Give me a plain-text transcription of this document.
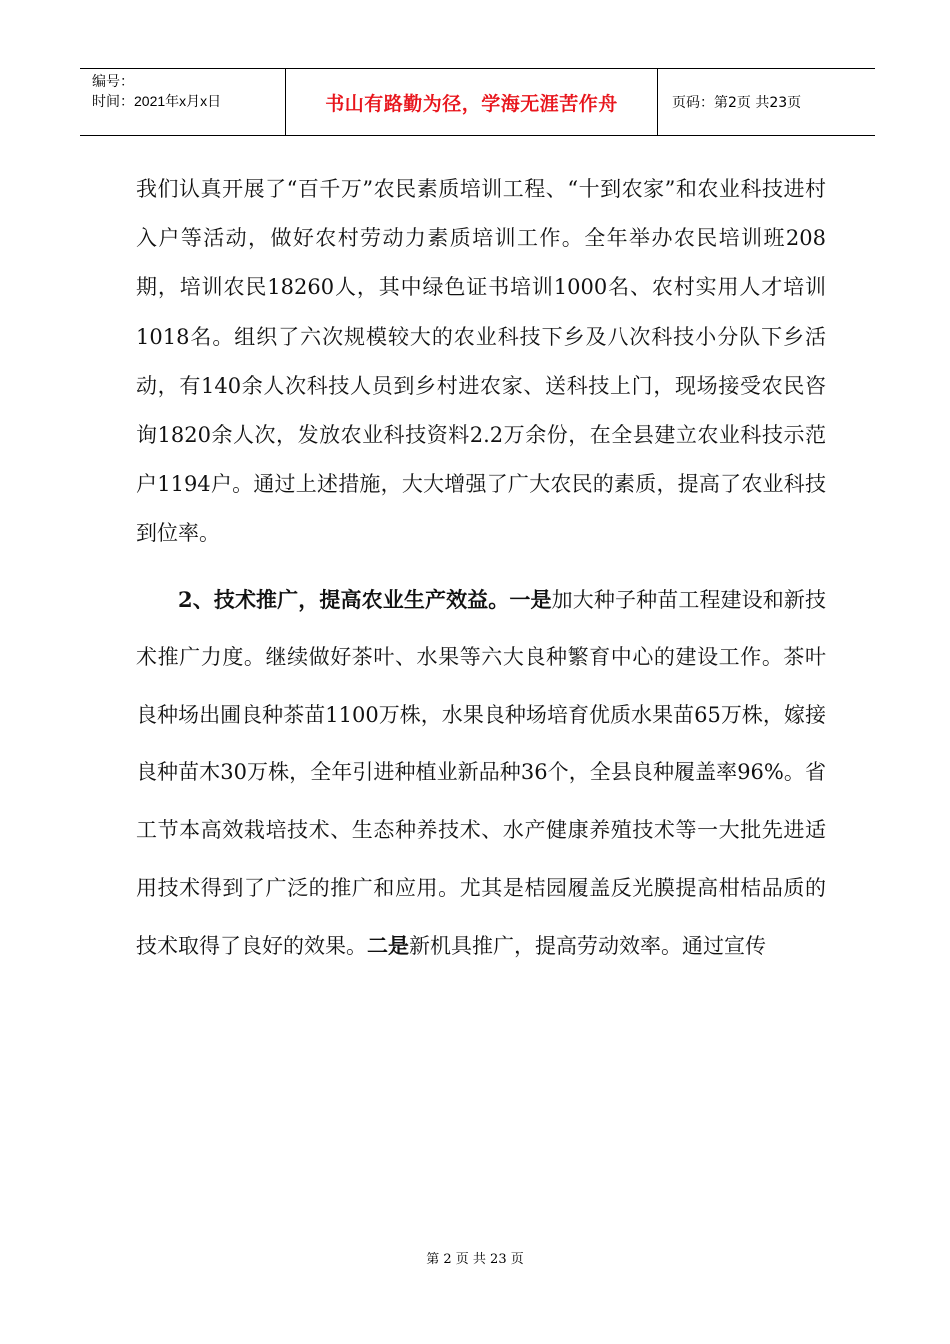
编号：
时间：2021年x月x日	书山有路勤为径，学海无涯苦作舟	页码：第2页 共23页

我们认真开展了“百千万”农民素质培训工程、“十到农家”和农业科技进村入户等活动，做好农村劳动力素质培训工作。全年举办农民培训班208期，培训农民18260人，其中绿色证书培训1000名、农村实用人才培训1018名。组织了六次规模较大的农业科技下乡及八次科技小分队下乡活动，有140余人次科技人员到乡村进农家、送科技上门，现场接受农民咨询1820余人次，发放农业科技资料2.2万余份，在全县建立农业科技示范户1194户。通过上述措施，大大增强了广大农民的素质，提高了农业科技到位率。

2、技术推广，提高农业生产效益。一是加大种子种苗工程建设和新技术推广力度。继续做好茶叶、水果等六大良种繁育中心的建设工作。茶叶良种场出圃良种茶苗1100万株，水果良种场培育优质水果苗65万株，嫁接良种苗木30万株，全年引进种植业新品种36个，全县良种履盖率96%。省工节本高效栽培技术、生态种养技术、水产健康养殖技术等一大批先进适用技术得到了广泛的推广和应用。尤其是桔园履盖反光膜提高柑桔品质的技术取得了良好的效果。二是新机具推广，提高劳动效率。通过宣传

第 2 页 共 23 页
